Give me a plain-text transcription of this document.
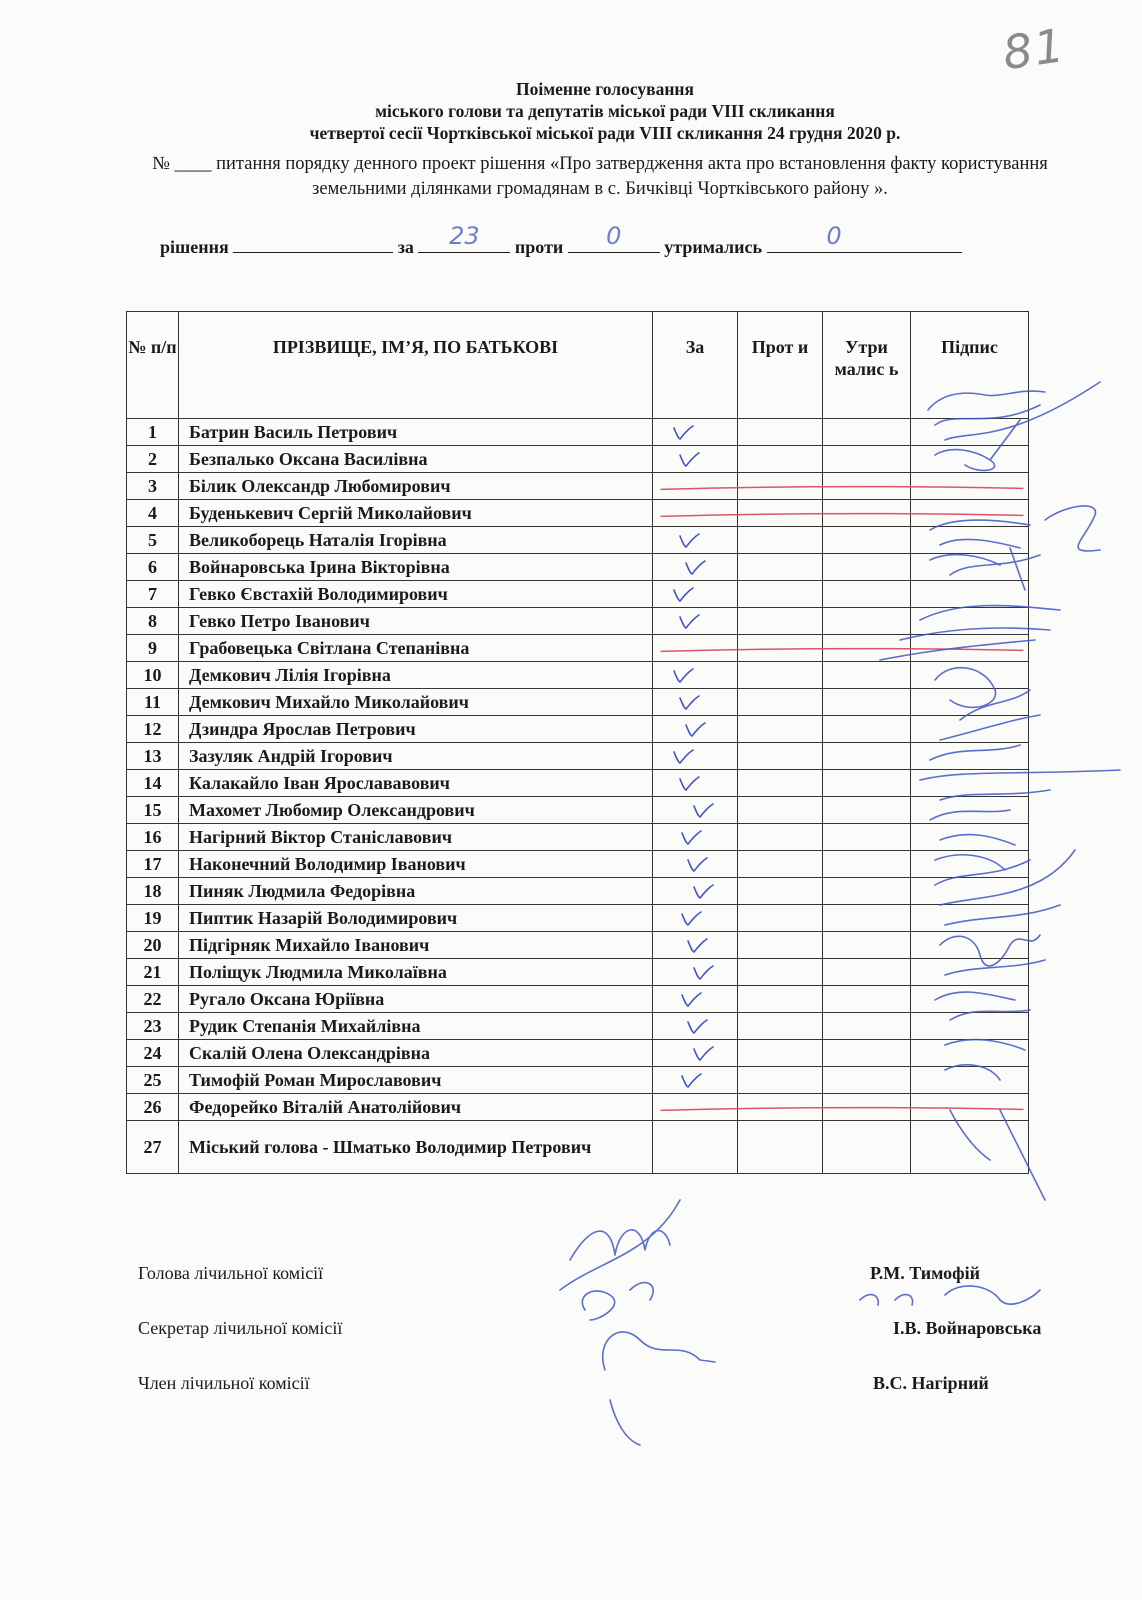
81
Поіменне голосування
міського голови та депутатів міської ради VIII скликання
четвертої сесії Чортківської міської ради VIII скликання 24 грудня 2020 р.
№ ____ питання порядку денного проект рішення «Про затвердження акта про встановлення факту користування земельними ділянками громадянам в с. Бичківці Чортківського району ».
рішення	за	23	проти	0	утримались	0
№ п/п	ПРІЗВИЩЕ, ІМ’Я, ПО БАТЬКОВІ	За	Прот и	Утри малис ь	Підпис
1	Батрин Василь Петрович	

2	Безпалько Оксана Василівна	

3	Білик Олександр Любомирович				
4	Буденькевич Сергій Миколайович				
5	Великоборець Наталія Ігорівна	

6	Войнаровська Ірина Вікторівна	

7	Гевко Євстахій Володимирович	

8	Гевко Петро Іванович	

9	Грабовецька Світлана Степанівна				
10	Демкович Лілія Ігорівна	

11	Демкович Михайло Миколайович	

12	Дзиндра Ярослав Петрович	

13	Зазуляк Андрій Ігорович	

14	Калакайло Іван Ярослававович	

15	Махомет Любомир Олександрович	

16	Нагірний Віктор Станіславович	

17	Наконечний Володимир Іванович	

18	Пиняк Людмила Федорівна	

19	Пиптик Назарій Володимирович	

20	Підгірняк Михайло Іванович	

21	Поліщук Людмила Миколаївна	

22	Ругало Оксана Юріївна	

23	Рудик Степанія Михайлівна	

24	Скалій Олена Олександрівна	

25	Тимофій Роман Мирославович	

26	Федорейко Віталій Анатолійович				
27	Міський голова - Шматько Володимир Петрович				
Голова лічильної комісії	Р.М. Тимофій
Секретар лічильної комісії	І.В. Войнаровська
Член лічильної комісії	В.С. Нагірний
